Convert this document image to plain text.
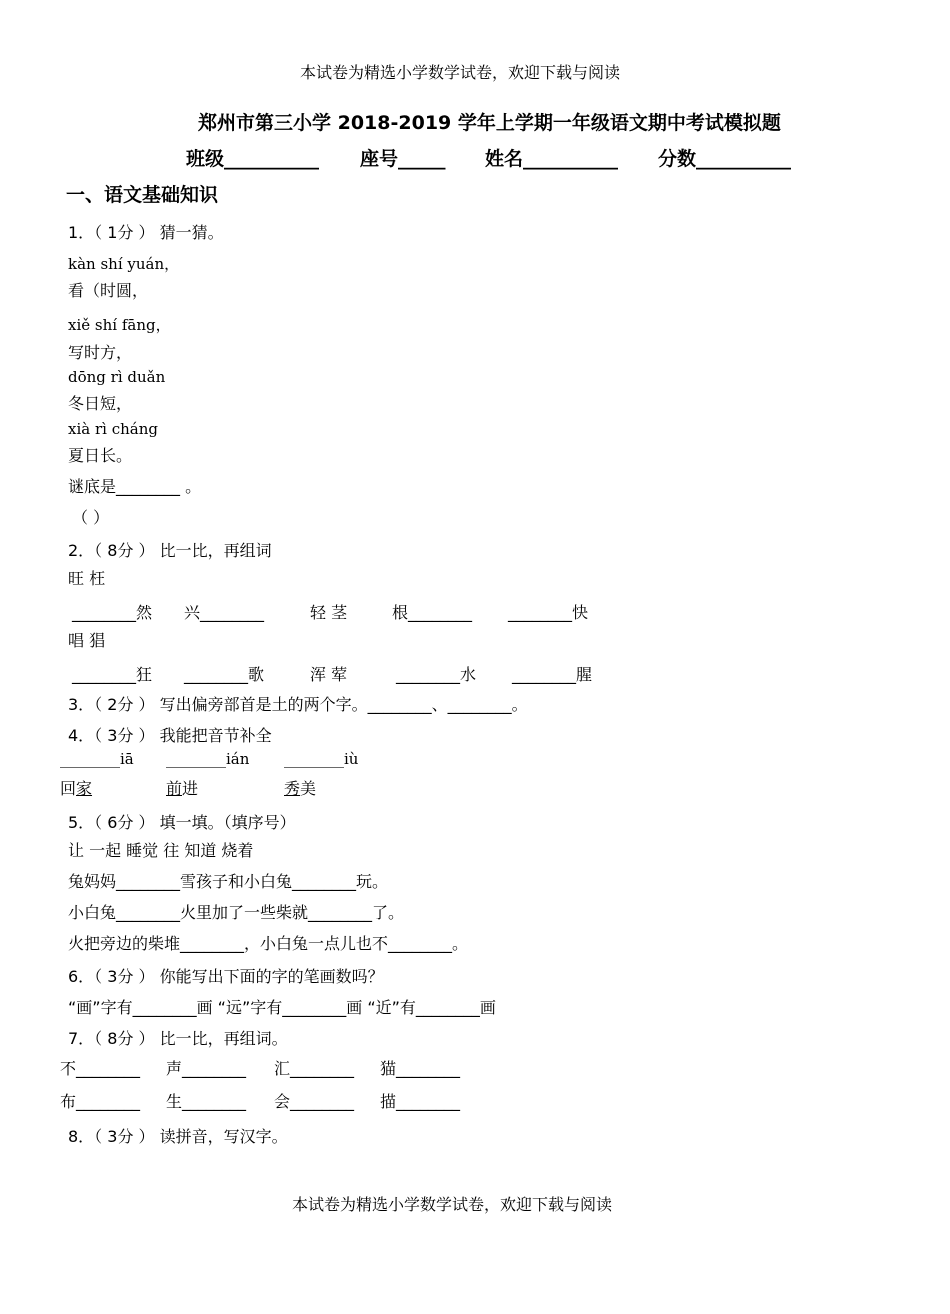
本试卷为精选小学数学试卷，欢迎下载与阅读
郑州市第三小学 2018-2019 学年上学期一年级语文期中考试模拟题
班级__________ 座号_____ 姓名__________ 分数__________
一、语文基础知识
1．（ 1分 ） 猜一猜。
kàn shí yuán，
看（时圆，
xiě shí fāng，
写时方，
dōng rì duǎn
冬日短，
xià rì cháng
夏日长。
谜底是________ 。
（ ）
2．（ 8分 ） 比一比，再组词
旺 枉
________然 兴________	轻 茎	根________ ________快
唱 猖
________狂 ________歌	浑 荤	________水 ________腥
3．（ 2分 ） 写出偏旁部首是土的两个字。________、________。
4．（ 3分 ） 我能把音节补全
________iā ________ián ________iù
回家	前进	秀美
5．（ 6分 ） 填一填。（填序号）
让 一起 睡觉 往 知道 烧着
兔妈妈________雪孩子和小白兔________玩。
小白兔________火里加了一些柴就________了。
火把旁边的柴堆________，小白兔一点儿也不________。
6．（ 3分 ） 你能写出下面的字的笔画数吗？
“画”字有________画 “远”字有________画 “近”有________画
7．（ 8分 ） 比一比，再组词。
不________ 声________ 汇________ 猫________
布________ 生________ 会________ 描________
8．（ 3分 ） 读拼音，写汉字。
本试卷为精选小学数学试卷，欢迎下载与阅读
